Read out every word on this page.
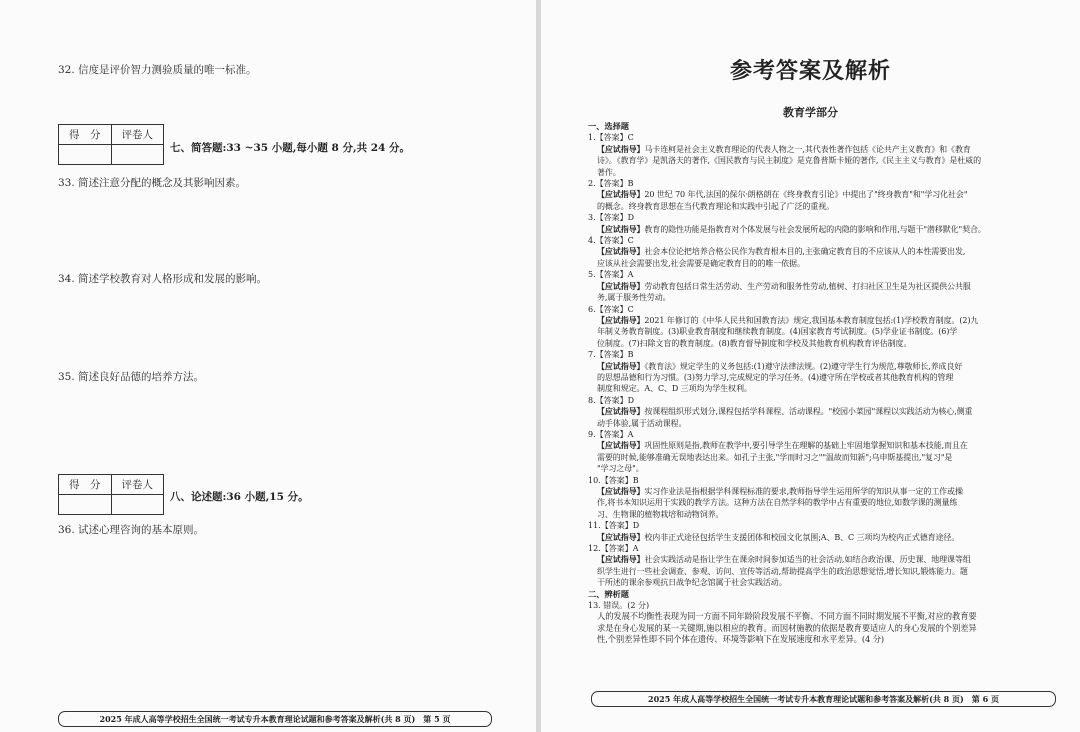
32. 信度是评价智力测验质量的唯一标准。
得　分	评卷人

七、简答题:33 ~35 小题,每小题 8 分,共 24 分。
33. 简述注意分配的概念及其影响因素。
34. 简述学校教育对人格形成和发展的影响。
35. 简述良好品德的培养方法。
得　分	评卷人

八、论述题:36 小题,15 分。
36. 试述心理咨询的基本原则。
2025 年成人高等学校招生全国统一考试专升本教育理论试题和参考答案及解析(共 8 页)　第 5 页
参考答案及解析
教育学部分
一、选择题
1.【答案】C
【应试指导】马卡连柯是社会主义教育理论的代表人物之一,其代表性著作包括《论共产主义教育》和《教育
诗》。《教育学》是凯洛夫的著作,《国民教育与民主制度》是克鲁普斯卡娅的著作,《民主主义与教育》是杜威的
著作。
2.【答案】B
【应试指导】20 世纪 70 年代,法国的保尔·朗格朗在《终身教育引论》中提出了"终身教育"和"学习化社会"
的概念。终身教育思想在当代教育理论和实践中引起了广泛的重视。
3.【答案】D
【应试指导】教育的隐性功能是指教育对个体发展与社会发展所起的内隐的影响和作用,与题干"潜移默化"契合。
4.【答案】C
【应试指导】社会本位论把培养合格公民作为教育根本目的,主张确定教育目的不应该从人的本性需要出发,
应该从社会需要出发,社会需要是确定教育目的的唯一依据。
5.【答案】A
【应试指导】劳动教育包括日常生活劳动、生产劳动和服务性劳动,植树、打扫社区卫生是为社区提供公共服
务,属于服务性劳动。
6.【答案】C
【应试指导】2021 年修订的《中华人民共和国教育法》规定,我国基本教育制度包括:(1)学校教育制度。(2)九
年制义务教育制度。(3)职业教育制度和继续教育制度。(4)国家教育考试制度。(5)学业证书制度。(6)学
位制度。(7)扫除文盲的教育制度。(8)教育督导制度和学校及其他教育机构教育评估制度。
7.【答案】B
【应试指导】《教育法》规定学生的义务包括:(1)遵守法律法规。(2)遵守学生行为规范,尊敬师长,养成良好
的思想品德和行为习惯。(3)努力学习,完成规定的学习任务。(4)遵守所在学校或者其他教育机构的管理
制度和规定。A、C、D 三项均为学生权利。
8.【答案】D
【应试指导】按课程组织形式划分,课程包括学科课程、活动课程。"校园小菜园"课程以实践活动为核心,侧重
动手体验,属于活动课程。
9.【答案】A
【应试指导】巩固性原则是指,教师在教学中,要引导学生在理解的基础上牢固地掌握知识和基本技能,而且在
需要的时候,能够准确无误地表达出来。如孔子主张,"学而时习之""温故而知新";乌申斯基提出,"复习"是
"学习之母"。
10.【答案】B
【应试指导】实习作业法是指根据学科课程标准的要求,教师指导学生运用所学的知识从事一定的工作或操
作,将书本知识运用于实践的教学方法。这种方法在自然学科的教学中占有重要的地位,如数学课的测量练
习、生物课的植物栽培和动物饲养。
11.【答案】D
【应试指导】校内非正式途径包括学生支援团体和校园文化氛围;A、B、C 三项均为校内正式德育途径。
12.【答案】A
【应试指导】社会实践活动是指让学生在课余时间参加适当的社会活动,如结合政治课、历史课、地理课等组
织学生进行一些社会调查、参观、访问、宣传等活动,帮助提高学生的政治思想觉悟,增长知识,锻炼能力。题
干所述的课余参观抗日战争纪念馆属于社会实践活动。
二、辨析题
13. 错误。(2 分)
人的发展不均衡性表现为同一方面不同年龄阶段发展不平衡、不同方面不同时期发展不平衡,对应的教育要
求是在身心发展的某一关键期,施以相应的教育。而因材施教的依据是教育要适应人的身心发展的个别差异
性,个别差异性即不同个体在遗传、环境等影响下在发展速度和水平差异。(4 分)
2025 年成人高等学校招生全国统一考试专升本教育理论试题和参考答案及解析(共 8 页)　第 6 页
